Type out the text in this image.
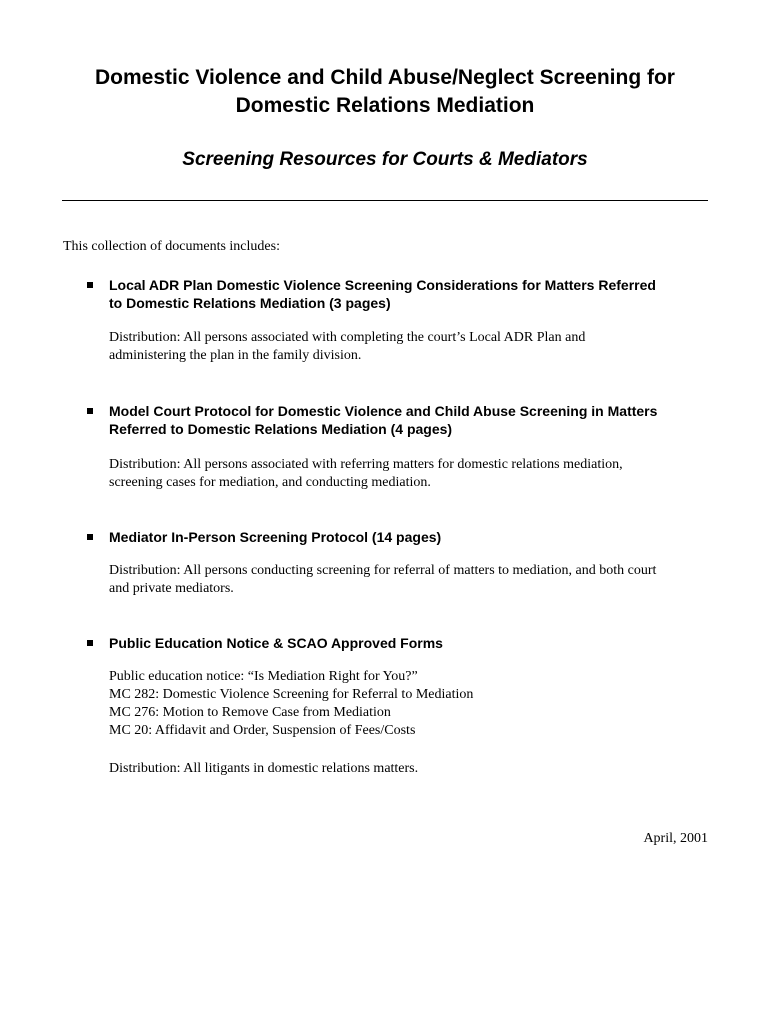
Domestic Violence and Child Abuse/Neglect Screening for
Domestic Relations Mediation
Screening Resources for Courts & Mediators
This collection of documents includes:
Local ADR Plan Domestic Violence Screening Considerations for Matters Referred
to Domestic Relations Mediation (3 pages)
Distribution: All persons associated with completing the court’s Local ADR Plan and
administering the plan in the family division.
Model Court Protocol for Domestic Violence and Child Abuse Screening in Matters
Referred to Domestic Relations Mediation (4 pages)
Distribution: All persons associated with referring matters for domestic relations mediation,
screening cases for mediation, and conducting mediation.
Mediator In-Person Screening Protocol (14 pages)
Distribution: All persons conducting screening for referral of matters to mediation, and both court
and private mediators.
Public Education Notice & SCAO Approved Forms
Public education notice: “Is Mediation Right for You?”
MC 282: Domestic Violence Screening for Referral to Mediation
MC 276: Motion to Remove Case from Mediation
MC 20: Affidavit and Order, Suspension of Fees/Costs
Distribution: All litigants in domestic relations matters.
April, 2001
